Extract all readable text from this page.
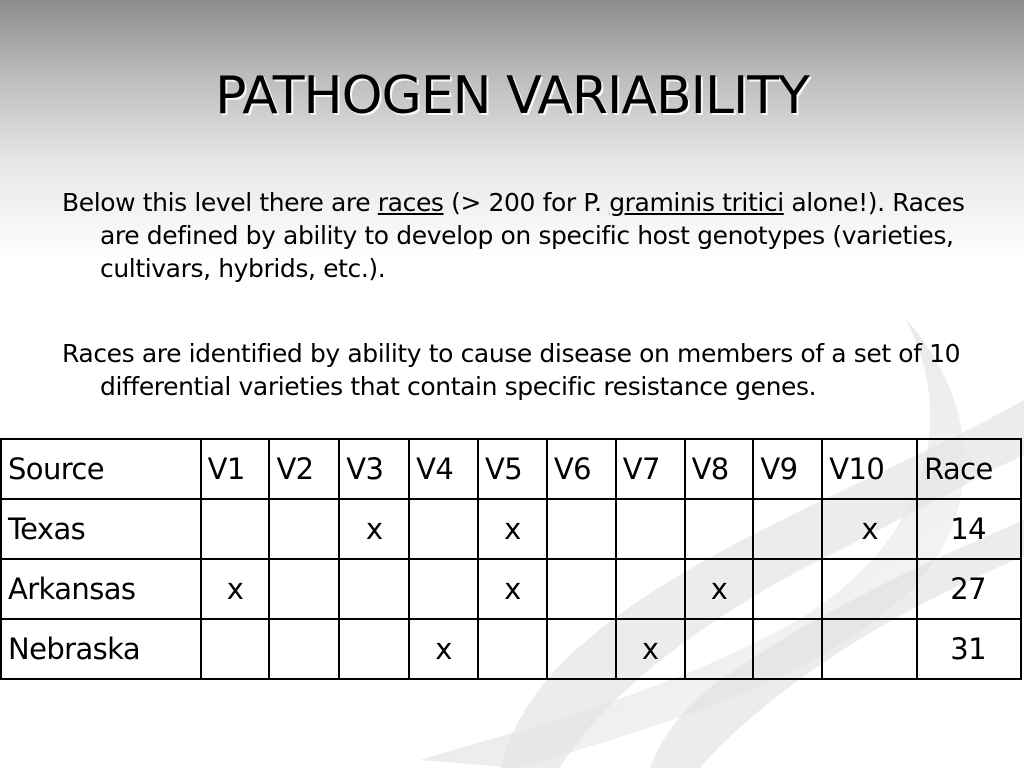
PATHOGEN VARIABILITY

Below this level there are races (> 200 for P. graminis tritici alone!). Races are defined by ability to develop on specific host genotypes (varieties, cultivars, hybrids, etc.).

Races are identified by ability to cause disease on members of a set of 10 differential varieties that contain specific resistance genes.

Source	V1	V2	V3	V4	V5	V6	V7	V8	V9	V10	Race
Texas			x		x					x	14
Arkansas	x				x			x			27
Nebraska				x			x				31
